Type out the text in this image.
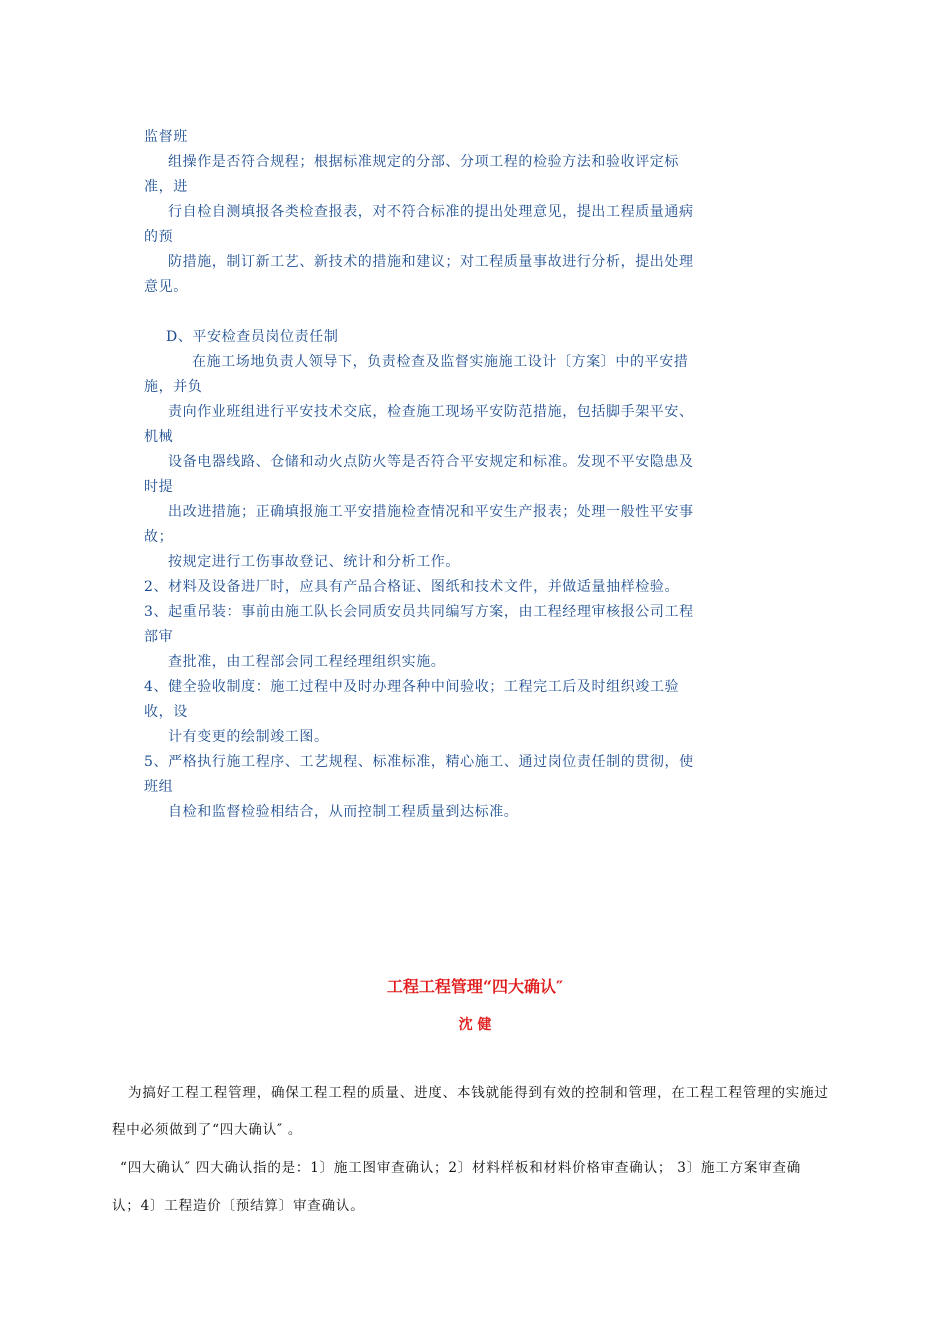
监督班
组操作是否符合规程；根据标准规定的分部、分项工程的检验方法和验收评定标
准，进
行自检自测填报各类检查报表，对不符合标准的提出处理意见，提出工程质量通病
的预
防措施，制订新工艺、新技术的措施和建议；对工程质量事故进行分析，提出处理
意见。
D、平安检查员岗位责任制
在施工场地负责人领导下，负责检查及监督实施施工设计〔方案〕中的平安措
施，并负
责向作业班组进行平安技术交底，检查施工现场平安防范措施，包括脚手架平安、
机械
设备电器线路、仓储和动火点防火等是否符合平安规定和标准。发现不平安隐患及
时提
出改进措施；正确填报施工平安措施检查情况和平安生产报表；处理一般性平安事
故；
按规定进行工伤事故登记、统计和分析工作。
2、材料及设备进厂时，应具有产品合格证、图纸和技术文件，并做适量抽样检验。
3、起重吊装：事前由施工队长会同质安员共同编写方案，由工程经理审核报公司工程
部审
查批准，由工程部会同工程经理组织实施。
4、健全验收制度：施工过程中及时办理各种中间验收；工程完工后及时组织竣工验
收，设
计有变更的绘制竣工图。
5、严格执行施工程序、工艺规程、标准标准，精心施工、通过岗位责任制的贯彻，使
班组
自检和监督检验相结合，从而控制工程质量到达标准。
工程工程管理“四大确认″
沈 健
为搞好工程工程管理，确保工程工程的质量、进度、本钱就能得到有效的控制和管理，在工程工程管理的实施过
程中必须做到了“四大确认″ 。
“四大确认″ 四大确认指的是：1〕施工图审查确认；2〕材料样板和材料价格审查确认； 3〕施工方案审查确
认；4〕工程造价〔预结算〕审查确认。
